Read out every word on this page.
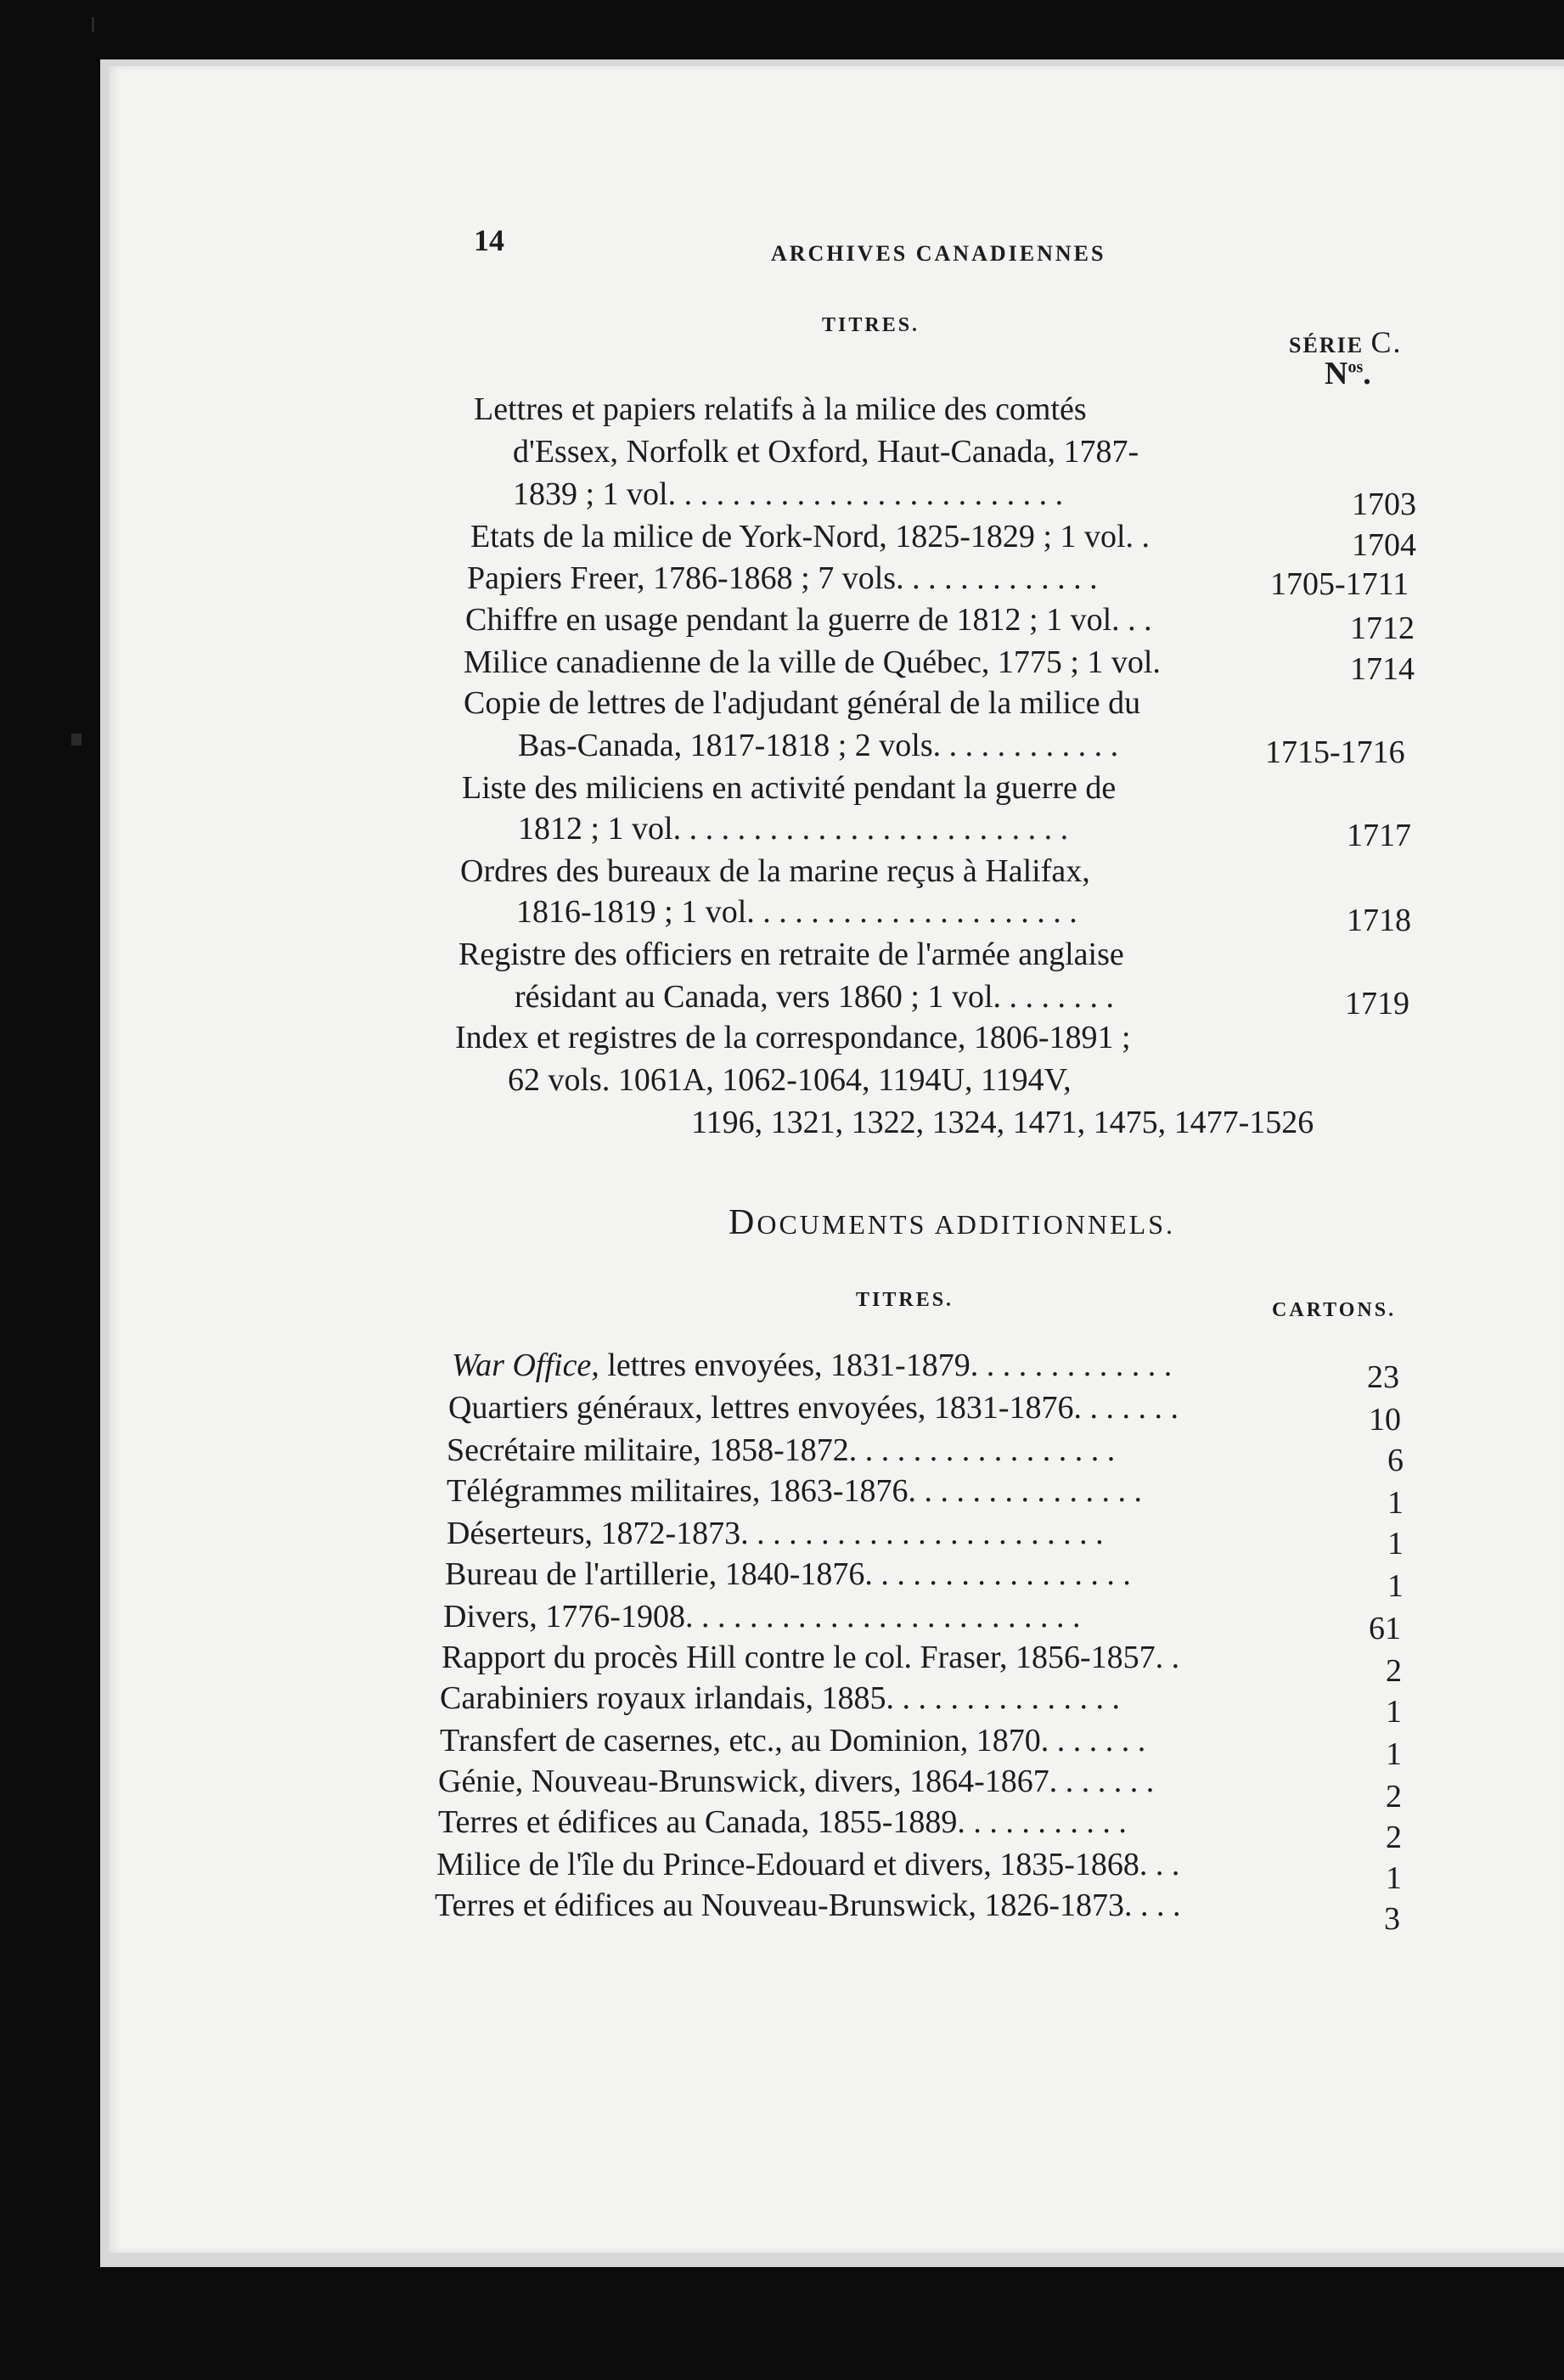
14	ARCHIVES CANADIENNES
TITRES.
SÉRIE C.
$N^{os}$.
Lettres et papiers relatifs à la milice des comtés
d'Essex, Norfolk et Oxford, Haut-Canada, 1787-
1839 ; 1 vol. . . . . . . . . . . . . . . . . . . . . . . . .	1703
Etats de la milice de York-Nord, 1825-1829 ; 1 vol. .	1704
Papiers Freer, 1786-1868 ; 7 vols. . . . . . . . . . . . .	1705-1711
Chiffre en usage pendant la guerre de 1812 ; 1 vol. . .	1712
Milice canadienne de la ville de Québec, 1775 ; 1 vol.	1714
Copie de lettres de l'adjudant général de la milice du
Bas-Canada, 1817-1818 ; 2 vols. . . . . . . . . . . .	1715-1716
Liste des miliciens en activité pendant la guerre de
1812 ; 1 vol. . . . . . . . . . . . . . . . . . . . . . . . .	1717
Ordres des bureaux de la marine reçus à Halifax,
1816-1819 ; 1 vol. . . . . . . . . . . . . . . . . . . . .	1718
Registre des officiers en retraite de l'armée anglaise
résidant au Canada, vers 1860 ; 1 vol. . . . . . . .	1719
Index et registres de la correspondance, 1806-1891 ;
62 vols. 1061A, 1062-1064, 1194U, 1194V,
1196, 1321, 1322, 1324, 1471, 1475, 1477-1526
DOCUMENTS ADDITIONNELS.
TITRES.	CARTONS.
War Office, lettres envoyées, 1831-1879. . . . . . . . . . . . .	23
Quartiers généraux, lettres envoyées, 1831-1876. . . . . . .	10
Secrétaire militaire, 1858-1872. . . . . . . . . . . . . . . . .	6
Télégrammes militaires, 1863-1876. . . . . . . . . . . . . . .	1
Déserteurs, 1872-1873. . . . . . . . . . . . . . . . . . . . . . .	1
Bureau de l'artillerie, 1840-1876. . . . . . . . . . . . . . . . .	1
Divers, 1776-1908. . . . . . . . . . . . . . . . . . . . . . . . .	61
Rapport du procès Hill contre le col. Fraser, 1856-1857. .	2
Carabiniers royaux irlandais, 1885. . . . . . . . . . . . . . .	1
Transfert de casernes, etc., au Dominion, 1870. . . . . . .	1
Génie, Nouveau-Brunswick, divers, 1864-1867. . . . . . .	2
Terres et édifices au Canada, 1855-1889. . . . . . . . . . .	2
Milice de l'île du Prince-Edouard et divers, 1835-1868. . .	1
Terres et édifices au Nouveau-Brunswick, 1826-1873. . . .	3
